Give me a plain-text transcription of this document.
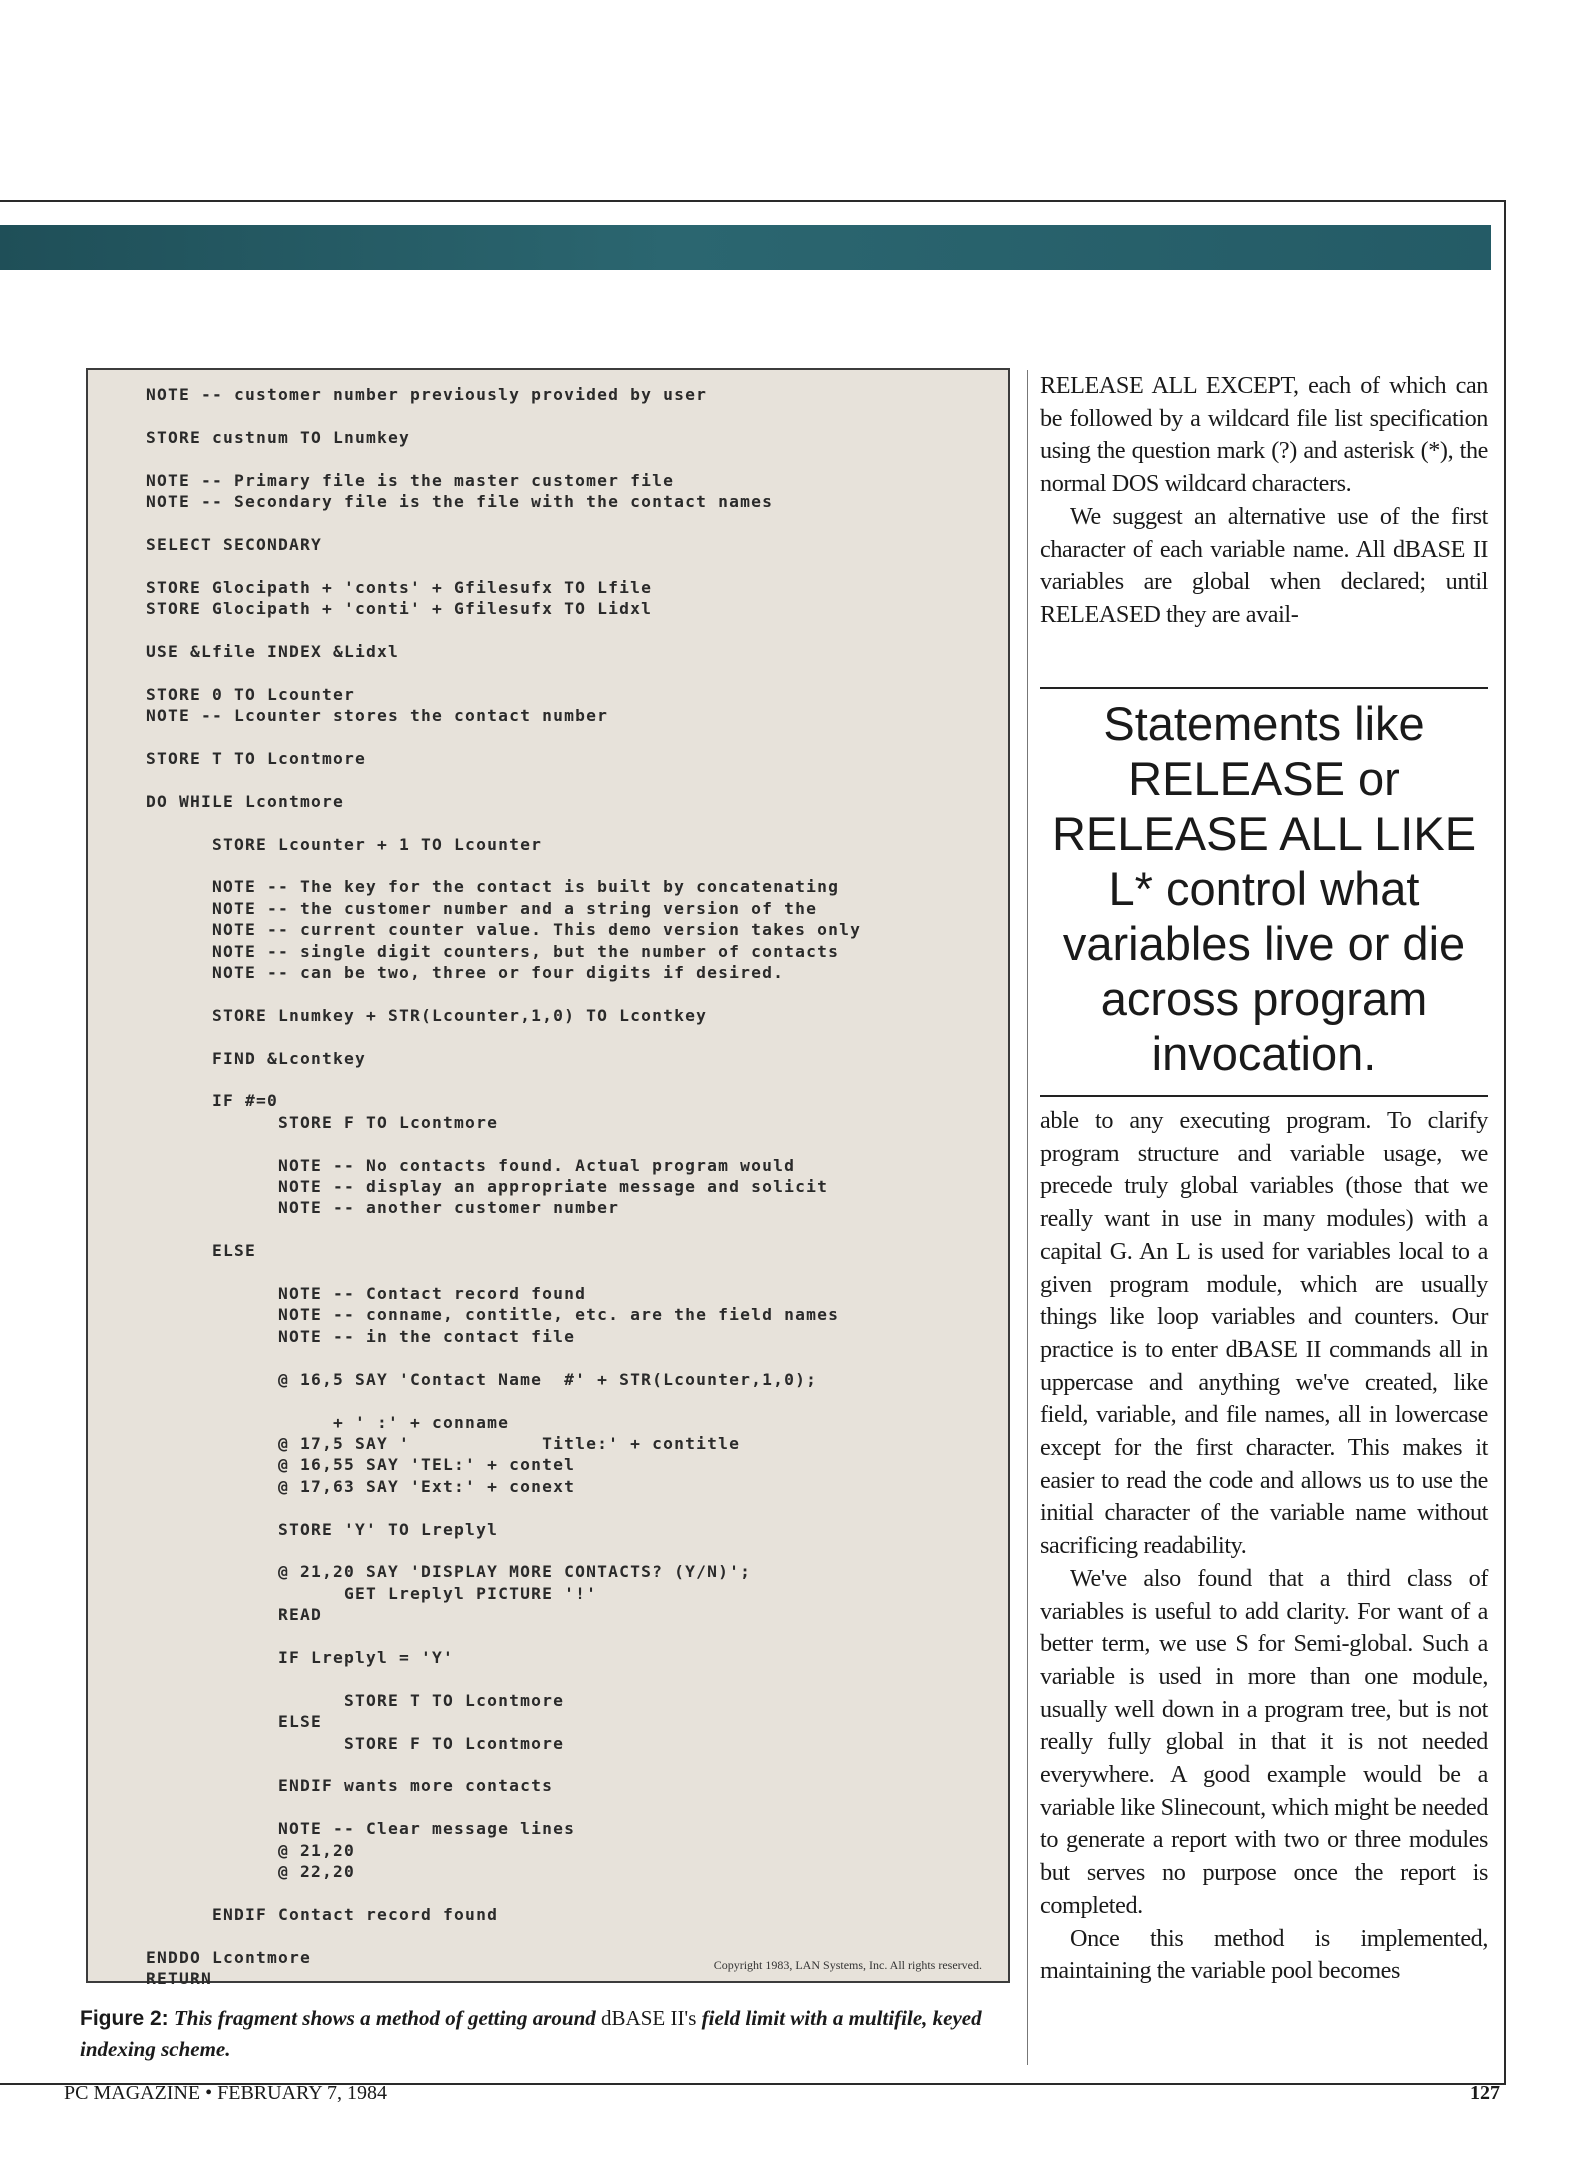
NOTE -- customer number previously provided by user

STORE custnum TO Lnumkey

NOTE -- Primary file is the master customer file
NOTE -- Secondary file is the file with the contact names

SELECT SECONDARY

STORE Glocipath + 'conts' + Gfilesufx TO Lfile
STORE Glocipath + 'conti' + Gfilesufx TO Lidxl

USE &Lfile INDEX &Lidxl

STORE 0 TO Lcounter
NOTE -- Lcounter stores the contact number

STORE T TO Lcontmore

DO WHILE Lcontmore

STORE Lcounter + 1 TO Lcounter

NOTE -- The key for the contact is built by concatenating
NOTE -- the customer number and a string version of the
NOTE -- current counter value. This demo version takes only
NOTE -- single digit counters, but the number of contacts
NOTE -- can be two, three or four digits if desired.

STORE Lnumkey + STR(Lcounter,1,0) TO Lcontkey

FIND &Lcontkey

IF #=0
STORE F TO Lcontmore

NOTE -- No contacts found. Actual program would
NOTE -- display an appropriate message and solicit
NOTE -- another customer number

ELSE

NOTE -- Contact record found
NOTE -- conname, contitle, etc. are the field names
NOTE -- in the contact file

@ 16,5 SAY 'Contact Name  #' + STR(Lcounter,1,0);

+ ' :' + conname
@ 17,5 SAY '            Title:' + contitle
@ 16,55 SAY 'TEL:' + contel
@ 17,63 SAY 'Ext:' + conext

STORE 'Y' TO Lreplyl

@ 21,20 SAY 'DISPLAY MORE CONTACTS? (Y/N)';
GET Lreplyl PICTURE '!'
READ

IF Lreplyl = 'Y'

STORE T TO Lcontmore
ELSE
STORE F TO Lcontmore

ENDIF wants more contacts

NOTE -- Clear message lines
@ 21,20
@ 22,20

ENDIF Contact record found

ENDDO Lcontmore
RETURN

Copyright 1983, LAN Systems, Inc. All rights reserved.
Figure 2: This fragment shows a method of getting around dBASE II's field limit with a multifile, keyed indexing scheme.

RELEASE ALL EXCEPT, each of which can be followed by a wildcard file list specification using the question mark (?) and asterisk (*), the normal DOS wildcard characters.

We suggest an alternative use of the first character of each variable name. All dBASE II variables are global when declared; until RELEASED they are avail-

Statements like RELEASE or RELEASE ALL LIKE L* control what variables live or die across program invocation.

able to any executing program. To clarify program structure and variable usage, we precede truly global variables (those that we really want in use in many modules) with a capital G. An L is used for variables local to a given program module, which are usually things like loop variables and counters. Our practice is to enter dBASE II commands all in uppercase and anything we've created, like field, variable, and file names, all in lowercase except for the first character. This makes it easier to read the code and allows us to use the initial character of the variable name without sacrificing readability.

We've also found that a third class of variables is useful to add clarity. For want of a better term, we use S for Semi-global. Such a variable is used in more than one module, usually well down in a program tree, but is not really fully global in that it is not needed everywhere. A good example would be a variable like Slinecount, which might be needed to generate a report with two or three modules but serves no purpose once the report is completed.

Once this method is implemented, maintaining the variable pool becomes

PC MAGAZINE • FEBRUARY 7, 1984	127
